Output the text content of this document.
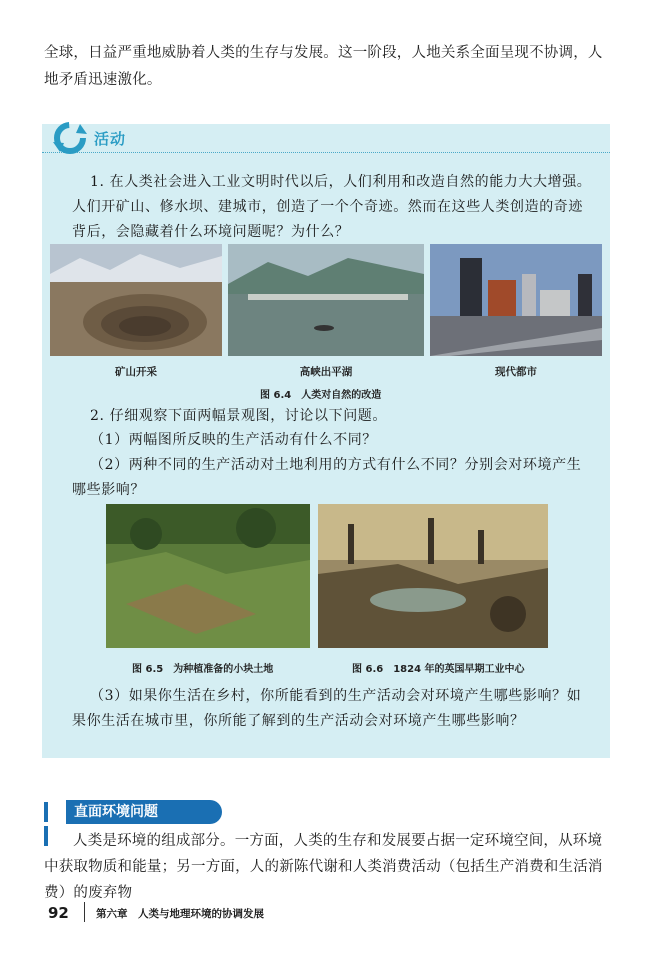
全球，日益严重地威胁着人类的生存与发展。这一阶段，人地关系全面呈现不协调，人地矛盾迅速激化。
活动
1. 在人类社会进入工业文明时代以后，人们利用和改造自然的能力大大增强。人们开矿山、修水坝、建城市，创造了一个个奇迹。然而在这些人类创造的奇迹背后，会隐藏着什么环境问题呢？为什么？
矿山开采	高峡出平湖	现代都市
图 6.4　人类对自然的改造
2. 仔细观察下面两幅景观图，讨论以下问题。
（1）两幅图所反映的生产活动有什么不同？
（2）两种不同的生产活动对土地利用的方式有什么不同？分别会对环境产生哪些影响？
图 6.5　为种植准备的小块土地	图 6.6　1824 年的英国早期工业中心
（3）如果你生活在乡村，你所能看到的生产活动会对环境产生哪些影响？如果你生活在城市里，你所能了解到的生产活动会对环境产生哪些影响？
直面环境问题
人类是环境的组成部分。一方面，人类的生存和发展要占据一定环境空间，从环境中获取物质和能量；另一方面，人的新陈代谢和人类消费活动（包括生产消费和生活消费）的废弃物
92	第六章　人类与地理环境的协调发展
